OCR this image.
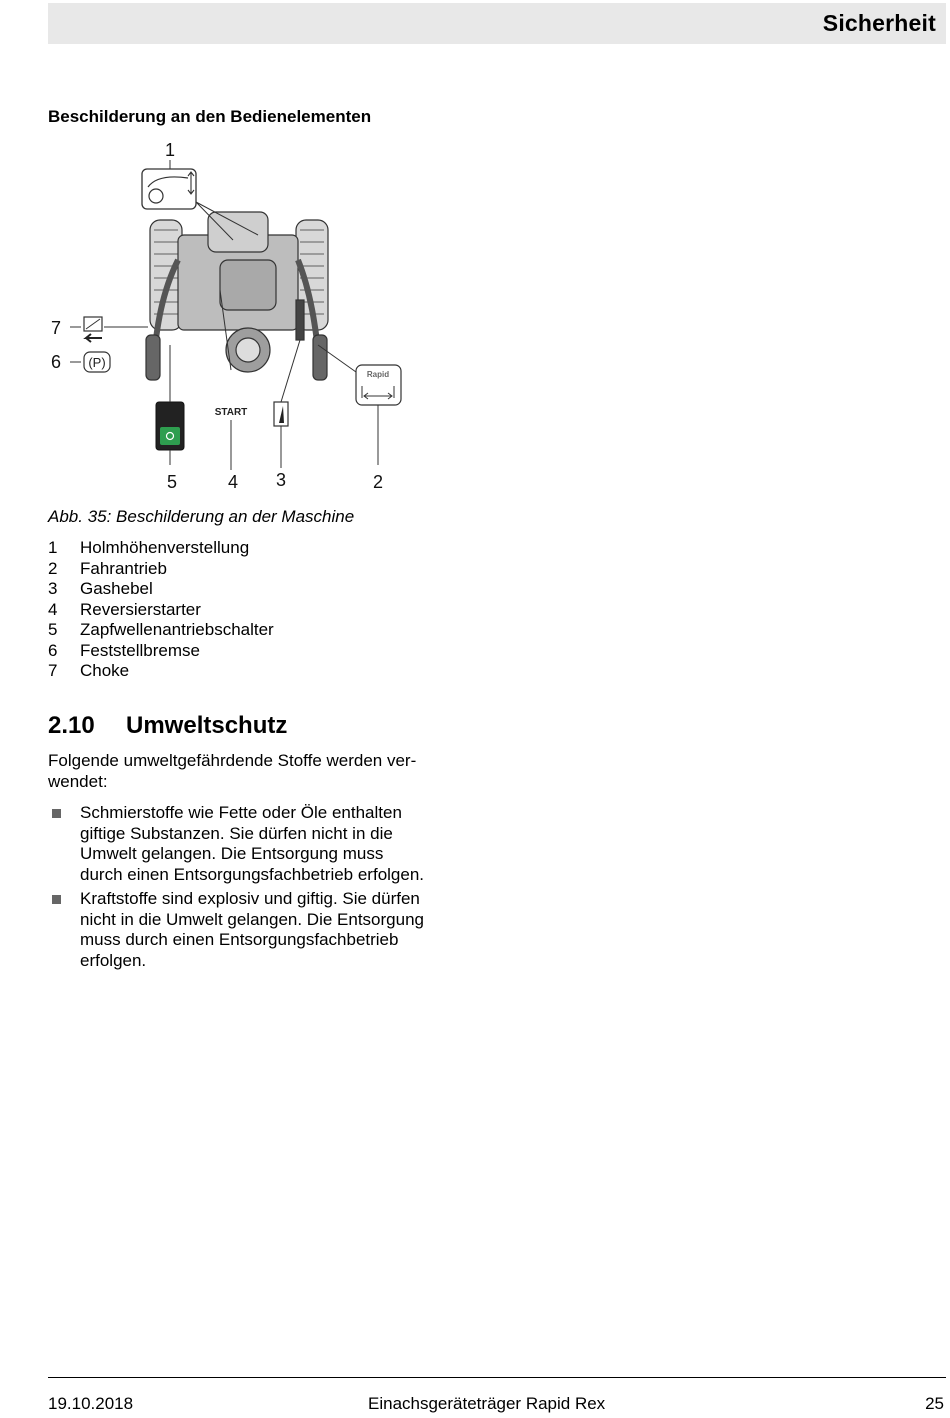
Sicherheit
Beschilderung an den Bedienelementen
(P)
START
Rapid
1
2
3
4
5
6
7
Abb. 35: Beschilderung an der Maschine
1 Holmhöhenverstellung
2 Fahrantrieb
3 Gashebel
4 Reversierstarter
5 Zapfwellenantriebschalter
6 Feststellbremse
7 Choke
2.10 Umweltschutz
Folgende umweltgefährdende Stoffe werden ver-
wendet:
Schmierstoffe wie Fette oder Öle enthalten
giftige Substanzen. Sie dürfen nicht in die
Umwelt gelangen. Die Entsorgung muss
durch einen Entsorgungsfachbetrieb erfolgen.
Kraftstoffe sind explosiv und giftig. Sie dürfen
nicht in die Umwelt gelangen. Die Entsorgung
muss durch einen Entsorgungsfachbetrieb
erfolgen.
19.10.2018	Einachsgeräteträger Rapid Rex	25
